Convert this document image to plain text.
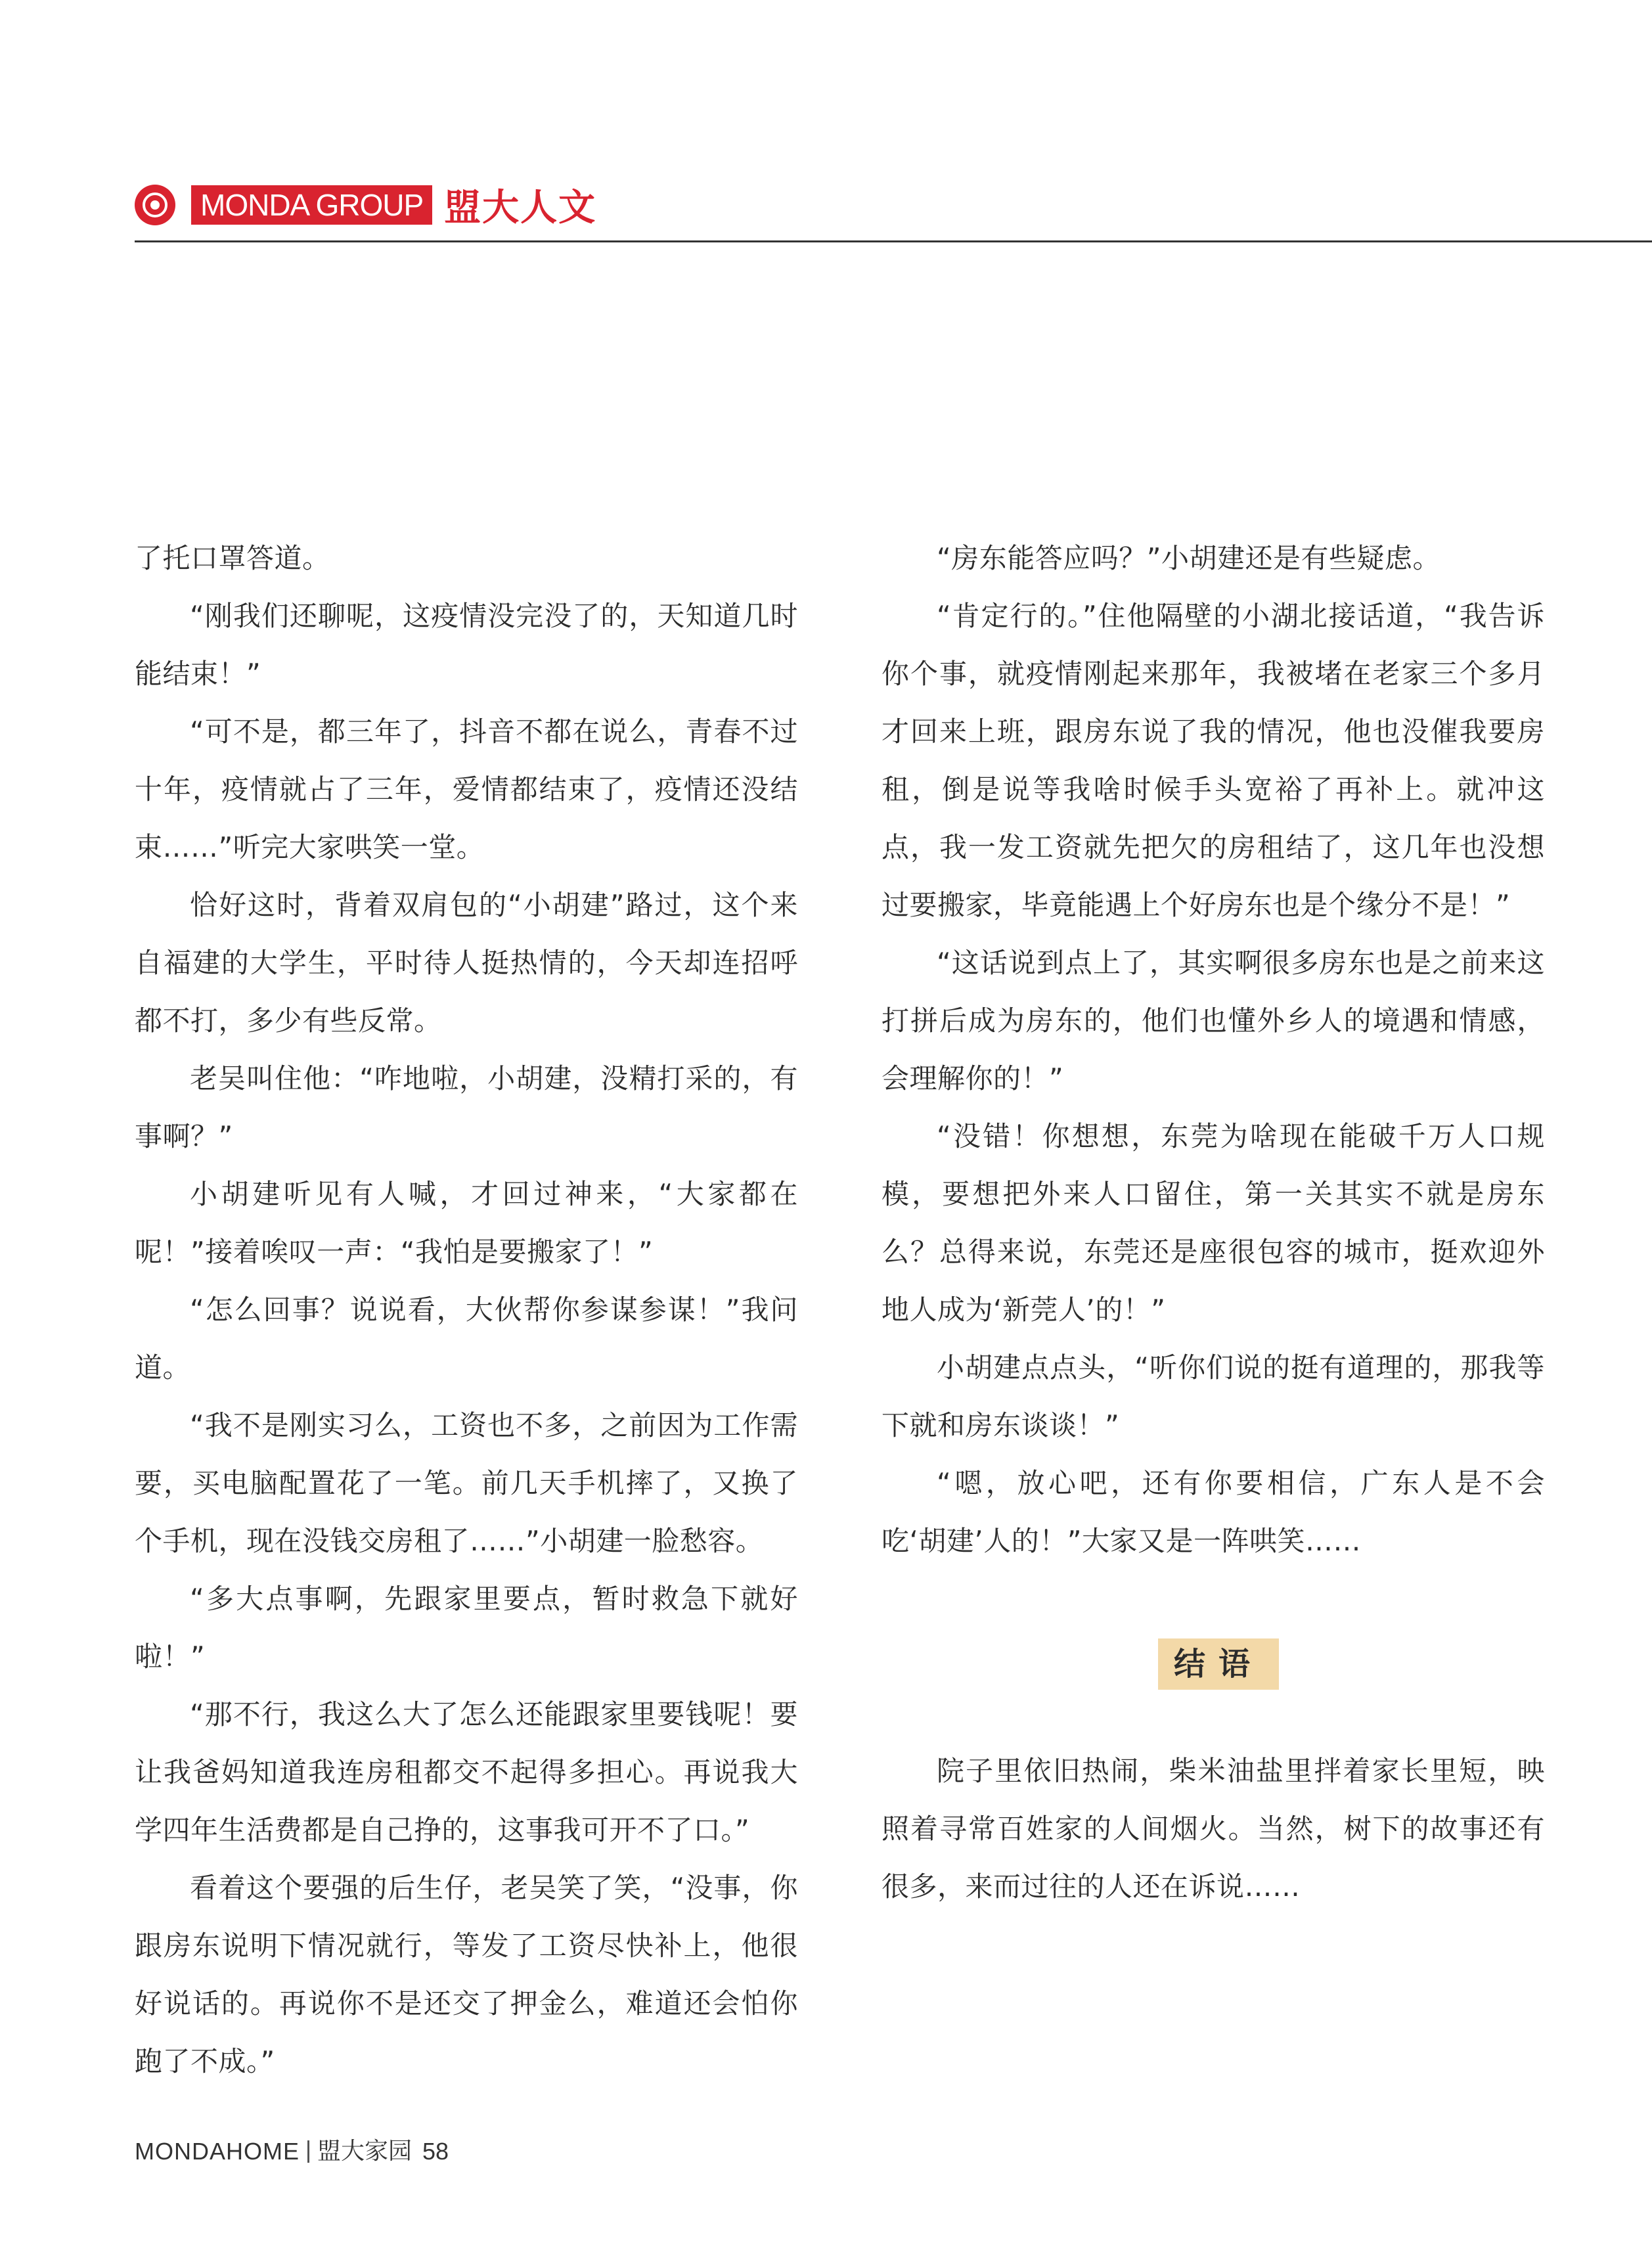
MONDA GROUP 盟大人文

了托口罩答道。

“刚我们还聊呢，这疫情没完没了的，天知道几时能结束！”

“可不是，都三年了，抖音不都在说么，青春不过十年，疫情就占了三年，爱情都结束了，疫情还没结束……”听完大家哄笑一堂。

恰好这时，背着双肩包的“小胡建”路过，这个来自福建的大学生，平时待人挺热情的，今天却连招呼都不打，多少有些反常。

老吴叫住他：“咋地啦，小胡建，没精打采的，有事啊？”

小胡建听见有人喊，才回过神来，“大家都在呢！”接着唉叹一声：“我怕是要搬家了！”

“怎么回事？说说看，大伙帮你参谋参谋！”我问道。

“我不是刚实习么，工资也不多，之前因为工作需要，买电脑配置花了一笔。前几天手机摔了，又换了个手机，现在没钱交房租了……”小胡建一脸愁容。

“多大点事啊，先跟家里要点，暂时救急下就好啦！”

“那不行，我这么大了怎么还能跟家里要钱呢！要让我爸妈知道我连房租都交不起得多担心。再说我大学四年生活费都是自己挣的，这事我可开不了口。”

看着这个要强的后生仔，老吴笑了笑，“没事，你跟房东说明下情况就行，等发了工资尽快补上，他很好说话的。再说你不是还交了押金么，难道还会怕你跑了不成。”

“房东能答应吗？”小胡建还是有些疑虑。

“肯定行的。”住他隔壁的小湖北接话道，“我告诉你个事，就疫情刚起来那年，我被堵在老家三个多月才回来上班，跟房东说了我的情况，他也没催我要房租，倒是说等我啥时候手头宽裕了再补上。就冲这点，我一发工资就先把欠的房租结了，这几年也没想过要搬家，毕竟能遇上个好房东也是个缘分不是！”

“这话说到点上了，其实啊很多房东也是之前来这打拼后成为房东的，他们也懂外乡人的境遇和情感，会理解你的！”

“没错！你想想，东莞为啥现在能破千万人口规模，要想把外来人口留住，第一关其实不就是房东么？总得来说，东莞还是座很包容的城市，挺欢迎外地人成为‘新莞人’的！”

小胡建点点头，“听你们说的挺有道理的，那我等下就和房东谈谈！”

“嗯，放心吧，还有你要相信，广东人是不会吃‘胡建’人的！”大家又是一阵哄笑……

结语

院子里依旧热闹，柴米油盐里拌着家长里短，映照着寻常百姓家的人间烟火。当然，树下的故事还有很多，来而过往的人还在诉说……

MONDAHOME 盟大家园 58
